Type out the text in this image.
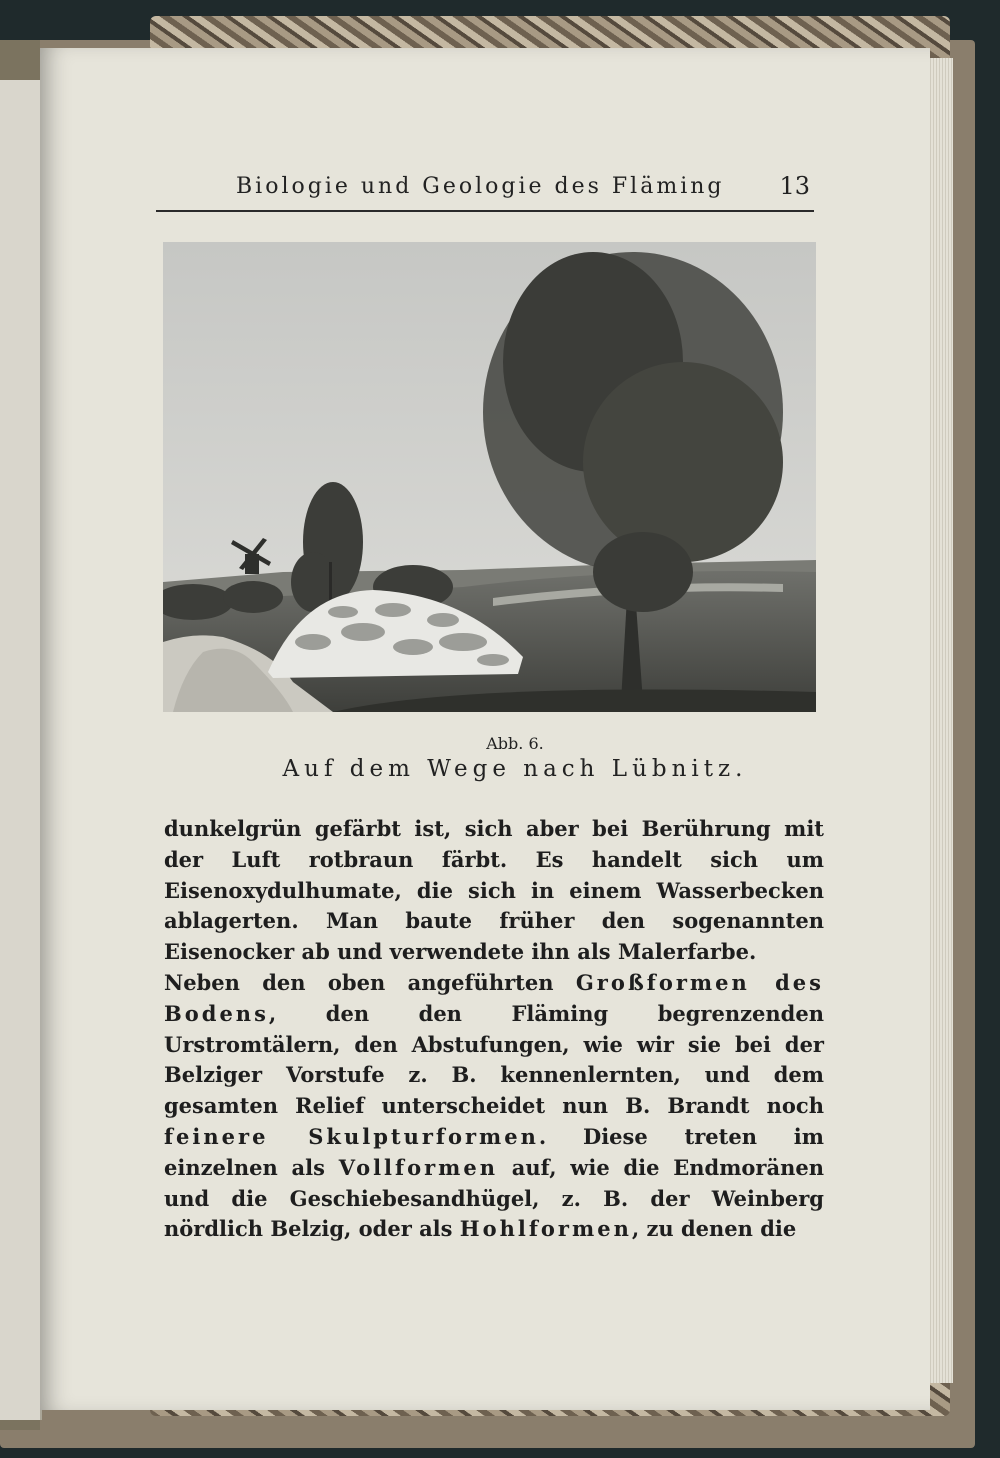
Biologie und Geologie des Fläming 13
Abb. 6.
Auf dem Wege nach Lübnitz.

dunkelgrün gefärbt ist, sich aber bei Berührung mit der Luft rotbraun färbt. Es handelt sich um Eisenoxydulhumate, die sich in einem Wasserbecken ablagerten. Man baute früher den sogenannten Eisenocker ab und verwendete ihn als Malerfarbe.

Neben den oben angeführten Großformen des Bodens, den den Fläming begrenzenden Urstromtälern, den Abstufungen, wie wir sie bei der Belziger Vorstufe z. B. kennenlernten, und dem gesamten Relief unterscheidet nun B. Brandt noch feinere Skulpturformen. Diese treten im einzelnen als Vollformen auf, wie die Endmoränen und die Geschiebesandhügel, z. B. der Weinberg nördlich Belzig, oder als Hohlformen, zu denen die
